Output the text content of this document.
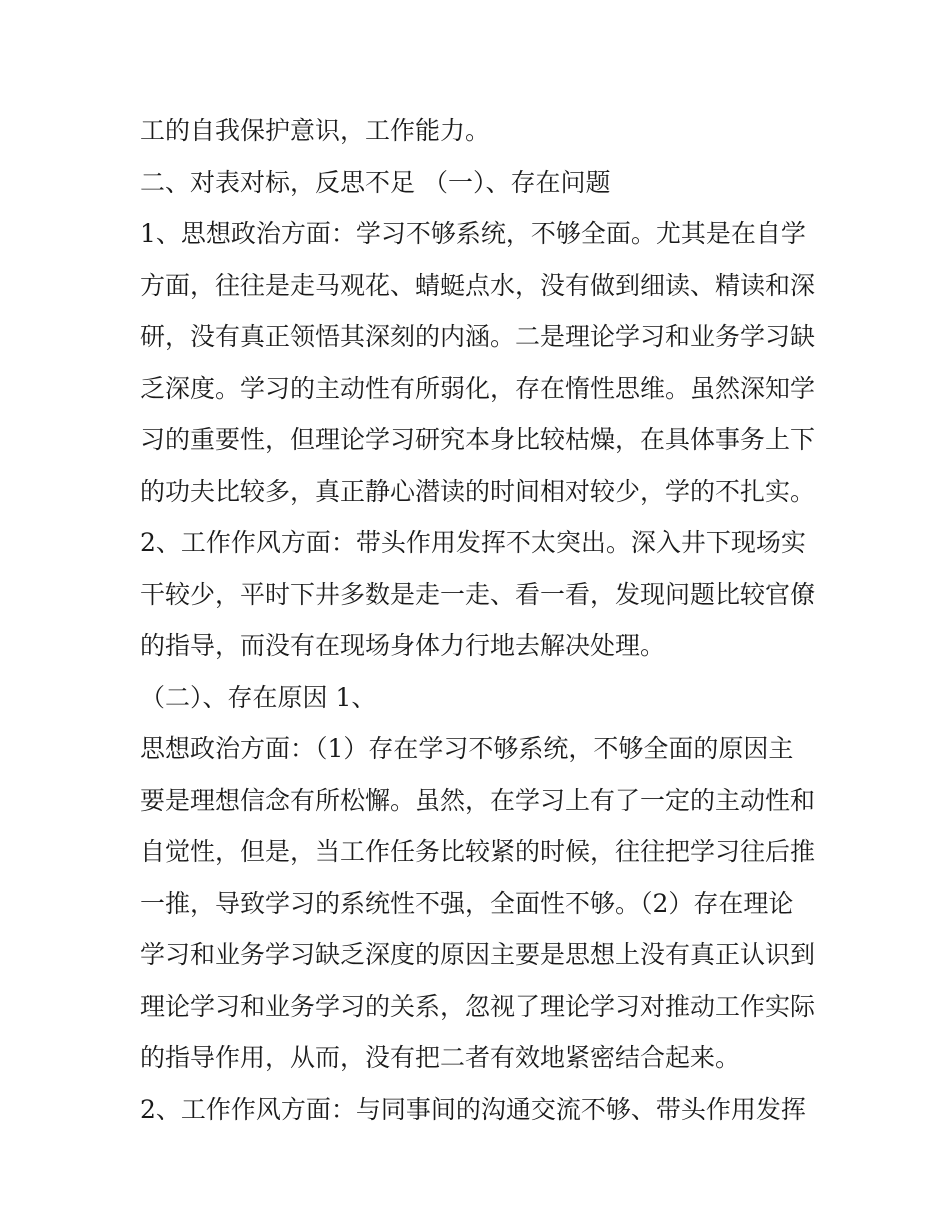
工的自我保护意识，工作能力。
二、对表对标，反思不足 （一）、存在问题
1、思想政治方面：学习不够系统，不够全面。尤其是在自学
方面，往往是走马观花、蜻蜓点水，没有做到细读、精读和深
研，没有真正领悟其深刻的内涵。二是理论学习和业务学习缺
乏深度。学习的主动性有所弱化，存在惰性思维。虽然深知学
习的重要性，但理论学习研究本身比较枯燥，在具体事务上下
的功夫比较多，真正静心潜读的时间相对较少，学的不扎实。
2、工作作风方面：带头作用发挥不太突出。深入井下现场实
干较少，平时下井多数是走一走、看一看，发现问题比较官僚
的指导，而没有在现场身体力行地去解决处理。
（二）、存在原因 1、
思想政治方面：（1）存在学习不够系统，不够全面的原因主
要是理想信念有所松懈。虽然，在学习上有了一定的主动性和
自觉性，但是，当工作任务比较紧的时候，往往把学习往后推
一推，导致学习的系统性不强，全面性不够。（2）存在理论
学习和业务学习缺乏深度的原因主要是思想上没有真正认识到
理论学习和业务学习的关系，忽视了理论学习对推动工作实际
的指导作用，从而，没有把二者有效地紧密结合起来。
2、工作作风方面：与同事间的沟通交流不够、带头作用发挥
